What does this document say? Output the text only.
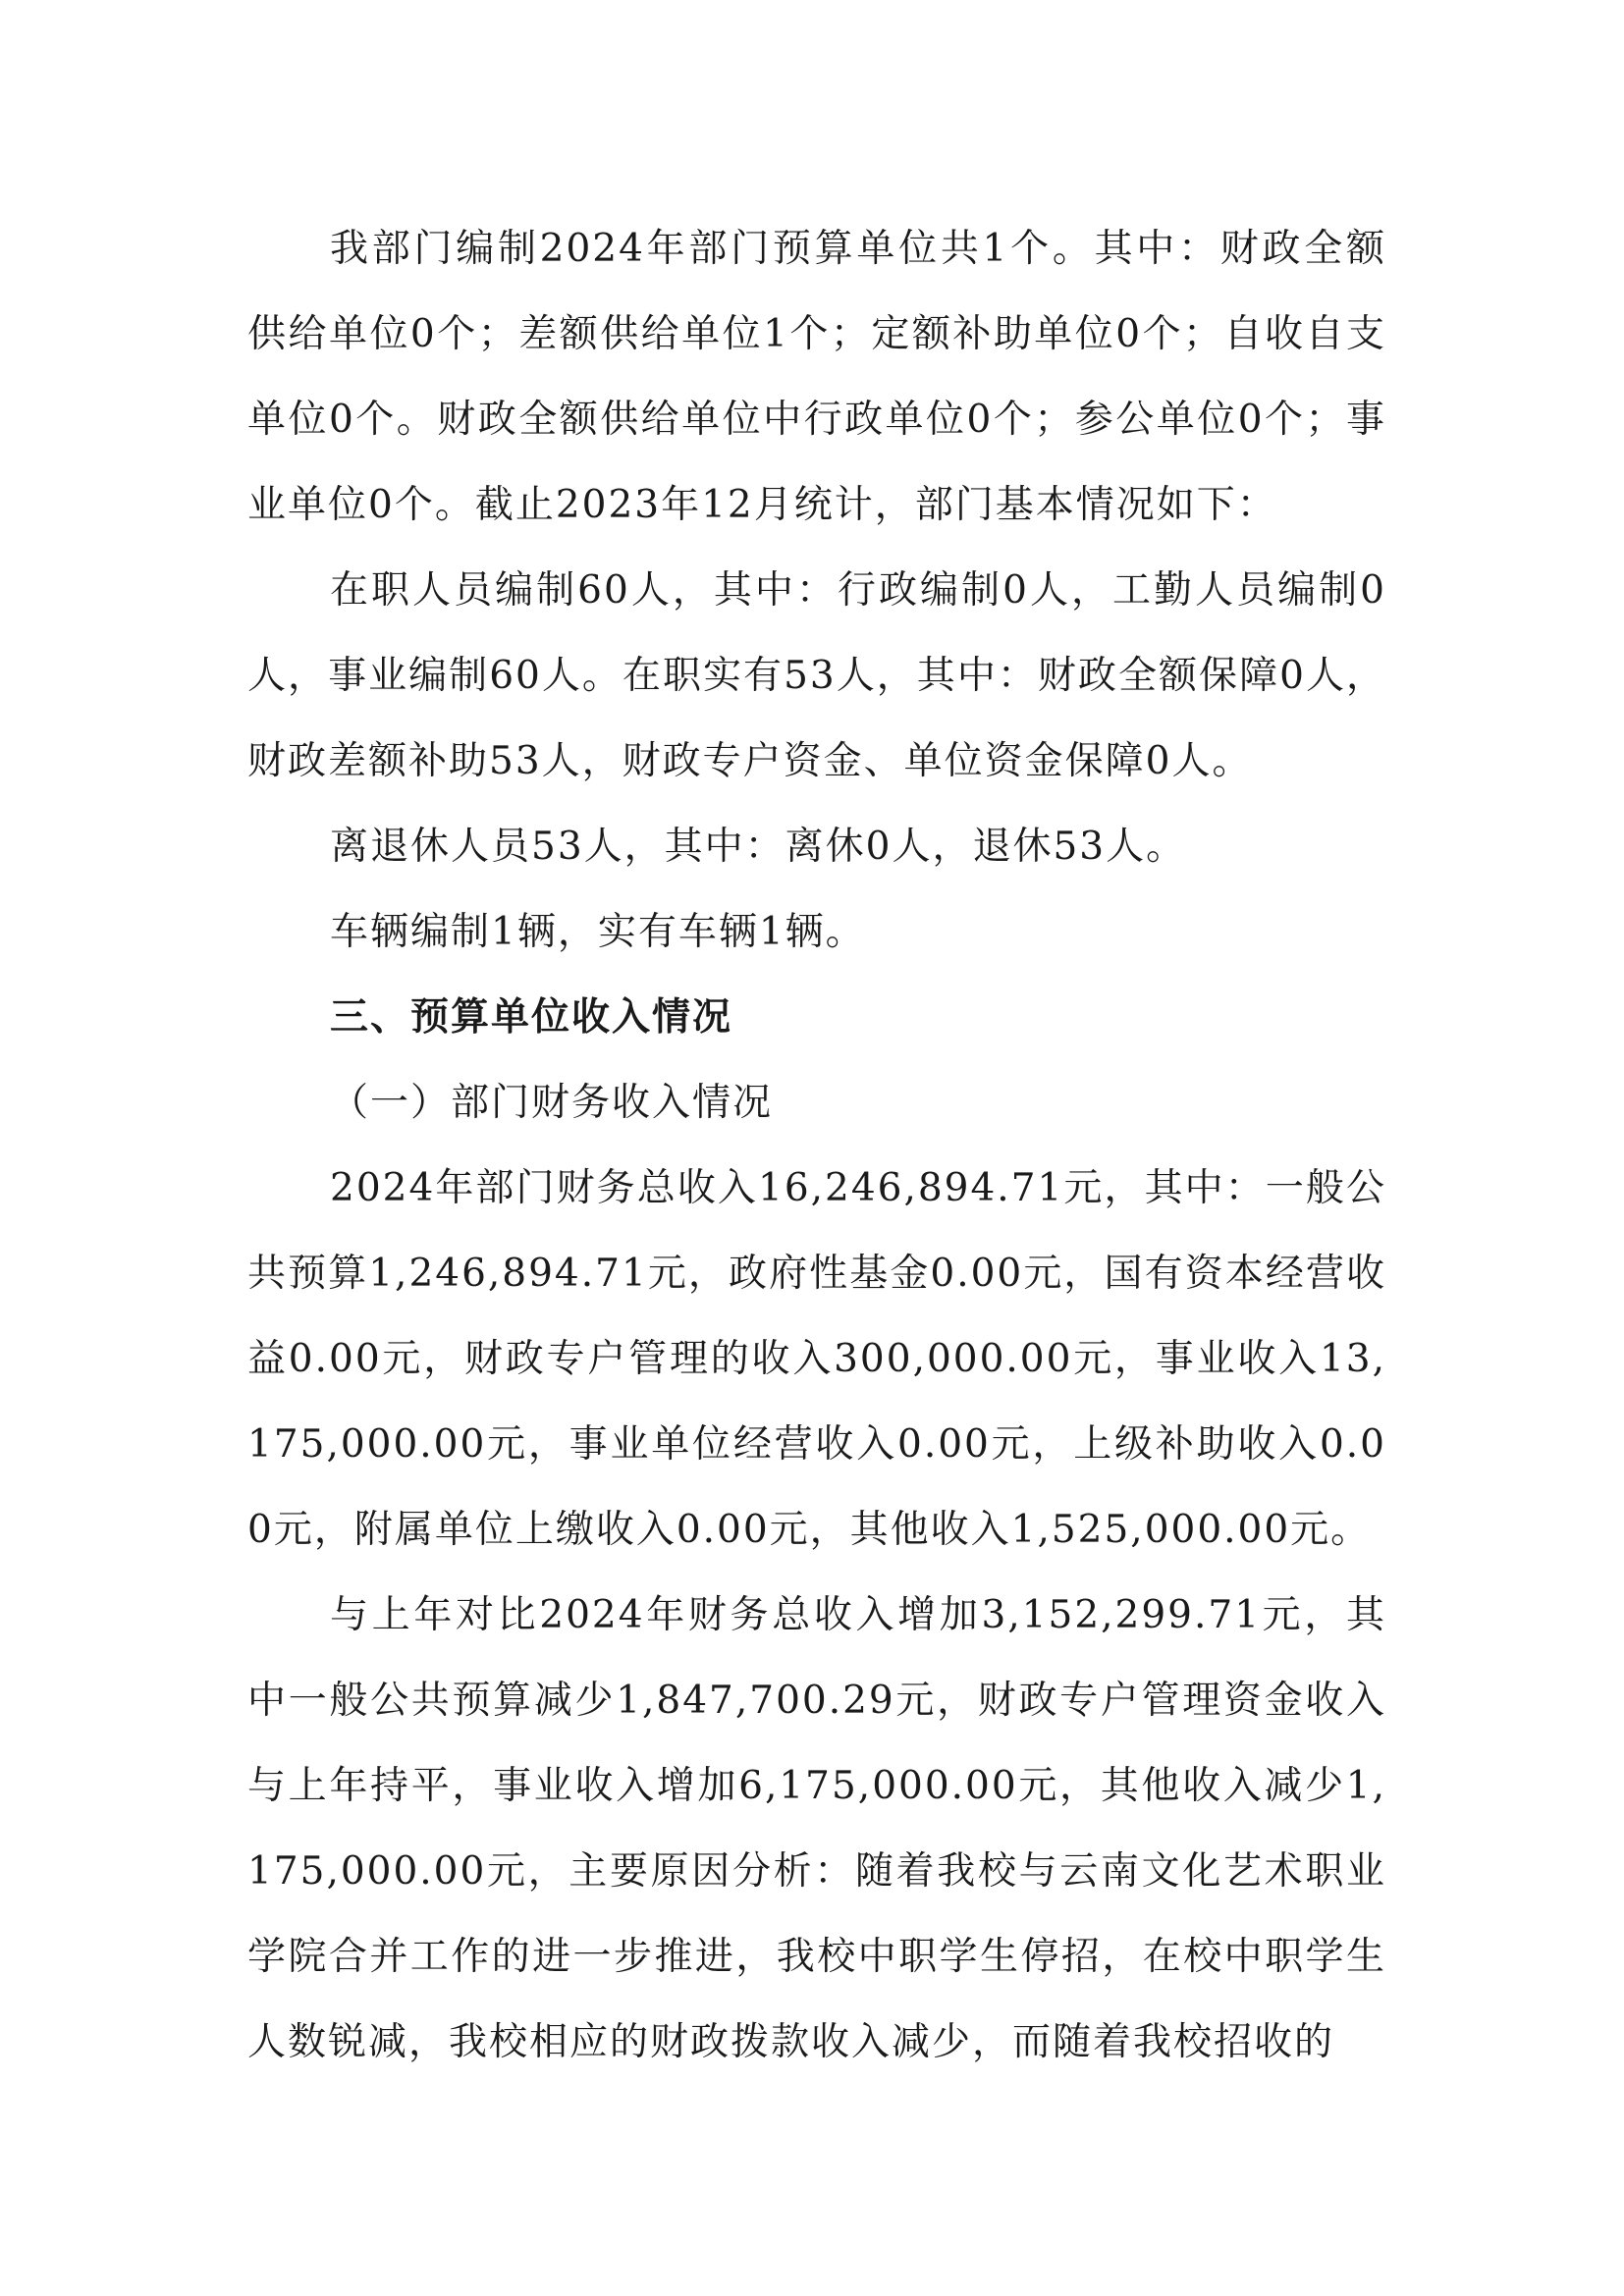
我部门编制2024年部门预算单位共1个。其中：财政全额供给单位0个；差额供给单位1个；定额补助单位0个；自收自支单位0个。财政全额供给单位中行政单位0个；参公单位0个；事业单位0个。截止2023年12月统计，部门基本情况如下：

在职人员编制60人，其中：行政编制0人，工勤人员编制0人，事业编制60人。在职实有53人，其中：财政全额保障0人，财政差额补助53人，财政专户资金、单位资金保障0人。

离退休人员53人，其中：离休0人，退休53人。

车辆编制1辆，实有车辆1辆。

三、预算单位收入情况

（一）部门财务收入情况

2024年部门财务总收入16,246,894.71元，其中：一般公共预算1,246,894.71元，政府性基金0.00元，国有资本经营收益0.00元，财政专户管理的收入300,000.00元，事业收入13,175,000.00元，事业单位经营收入0.00元，上级补助收入0.00元，附属单位上缴收入0.00元，其他收入1,525,000.00元。

与上年对比2024年财务总收入增加3,152,299.71元，其中一般公共预算减少1,847,700.29元，财政专户管理资金收入与上年持平，事业收入增加6,175,000.00元，其他收入减少1,175,000.00元，主要原因分析：随着我校与云南文化艺术职业学院合并工作的进一步推进，我校中职学生停招，在校中职学生人数锐减，我校相应的财政拨款收入减少，而随着我校招收的
